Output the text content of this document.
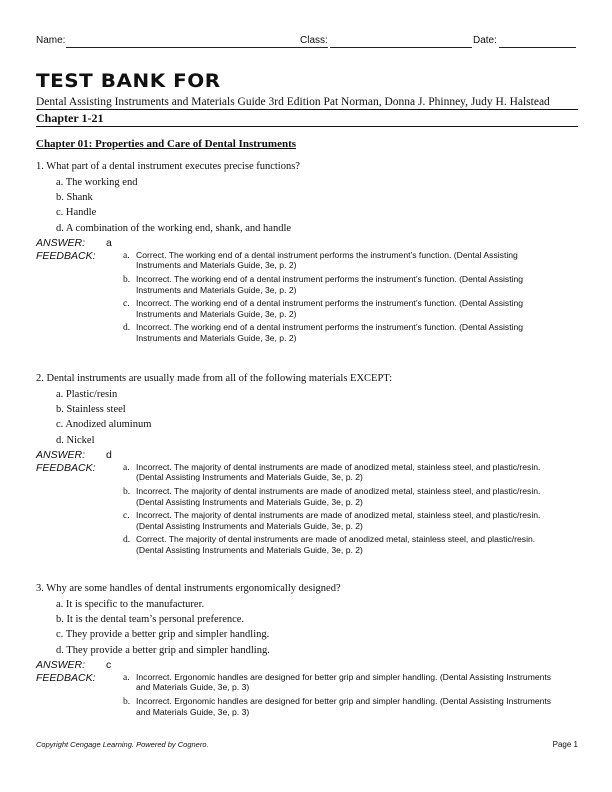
Name:	Class:	Date:
TEST BANK FOR
Dental Assisting Instruments and Materials Guide 3rd Edition Pat Norman, Donna J. Phinney, Judy H. Halstead
Chapter 1-21
Chapter 01: Properties and Care of Dental Instruments
1. What part of a dental instrument executes precise functions?
a. The working end
b. Shank
c. Handle
d. A combination of the working end, shank, and handle
ANSWER: a
FEEDBACK:	a. Correct. The working end of a dental instrument performs the instrument’s function. (Dental Assisting Instruments and Materials Guide, 3e, p. 2)
b. Incorrect. The working end of a dental instrument performs the instrument’s function. (Dental Assisting Instruments and Materials Guide, 3e, p. 2)
c. Incorrect. The working end of a dental instrument performs the instrument’s function. (Dental Assisting Instruments and Materials Guide, 3e, p. 2)
d. Incorrect. The working end of a dental instrument performs the instrument’s function. (Dental Assisting Instruments and Materials Guide, 3e, p. 2)
2. Dental instruments are usually made from all of the following materials EXCEPT:
a. Plastic/resin
b. Stainless steel
c. Anodized aluminum
d. Nickel
ANSWER: d
FEEDBACK:	a. Incorrect. The majority of dental instruments are made of anodized metal, stainless steel, and plastic/resin. (Dental Assisting Instruments and Materials Guide, 3e, p. 2)
b. Incorrect. The majority of dental instruments are made of anodized metal, stainless steel, and plastic/resin. (Dental Assisting Instruments and Materials Guide, 3e, p. 2)
c. Incorrect. The majority of dental instruments are made of anodized metal, stainless steel, and plastic/resin. (Dental Assisting Instruments and Materials Guide, 3e, p. 2)
d. Correct. The majority of dental instruments are made of anodized metal, stainless steel, and plastic/resin. (Dental Assisting Instruments and Materials Guide, 3e, p. 2)
3. Why are some handles of dental instruments ergonomically designed?
a. It is specific to the manufacturer.
b. It is the dental team’s personal preference.
c. They provide a better grip and simpler handling.
d. They provide a better grip and simpler handling.
ANSWER: c
FEEDBACK:	a. Incorrect. Ergonomic handles are designed for better grip and simpler handling. (Dental Assisting Instruments and Materials Guide, 3e, p. 3)
b. Incorrect. Ergonomic handles are designed for better grip and simpler handling. (Dental Assisting Instruments and Materials Guide, 3e, p. 3)
Copyright Cengage Learning. Powered by Cognero.	Page 1
